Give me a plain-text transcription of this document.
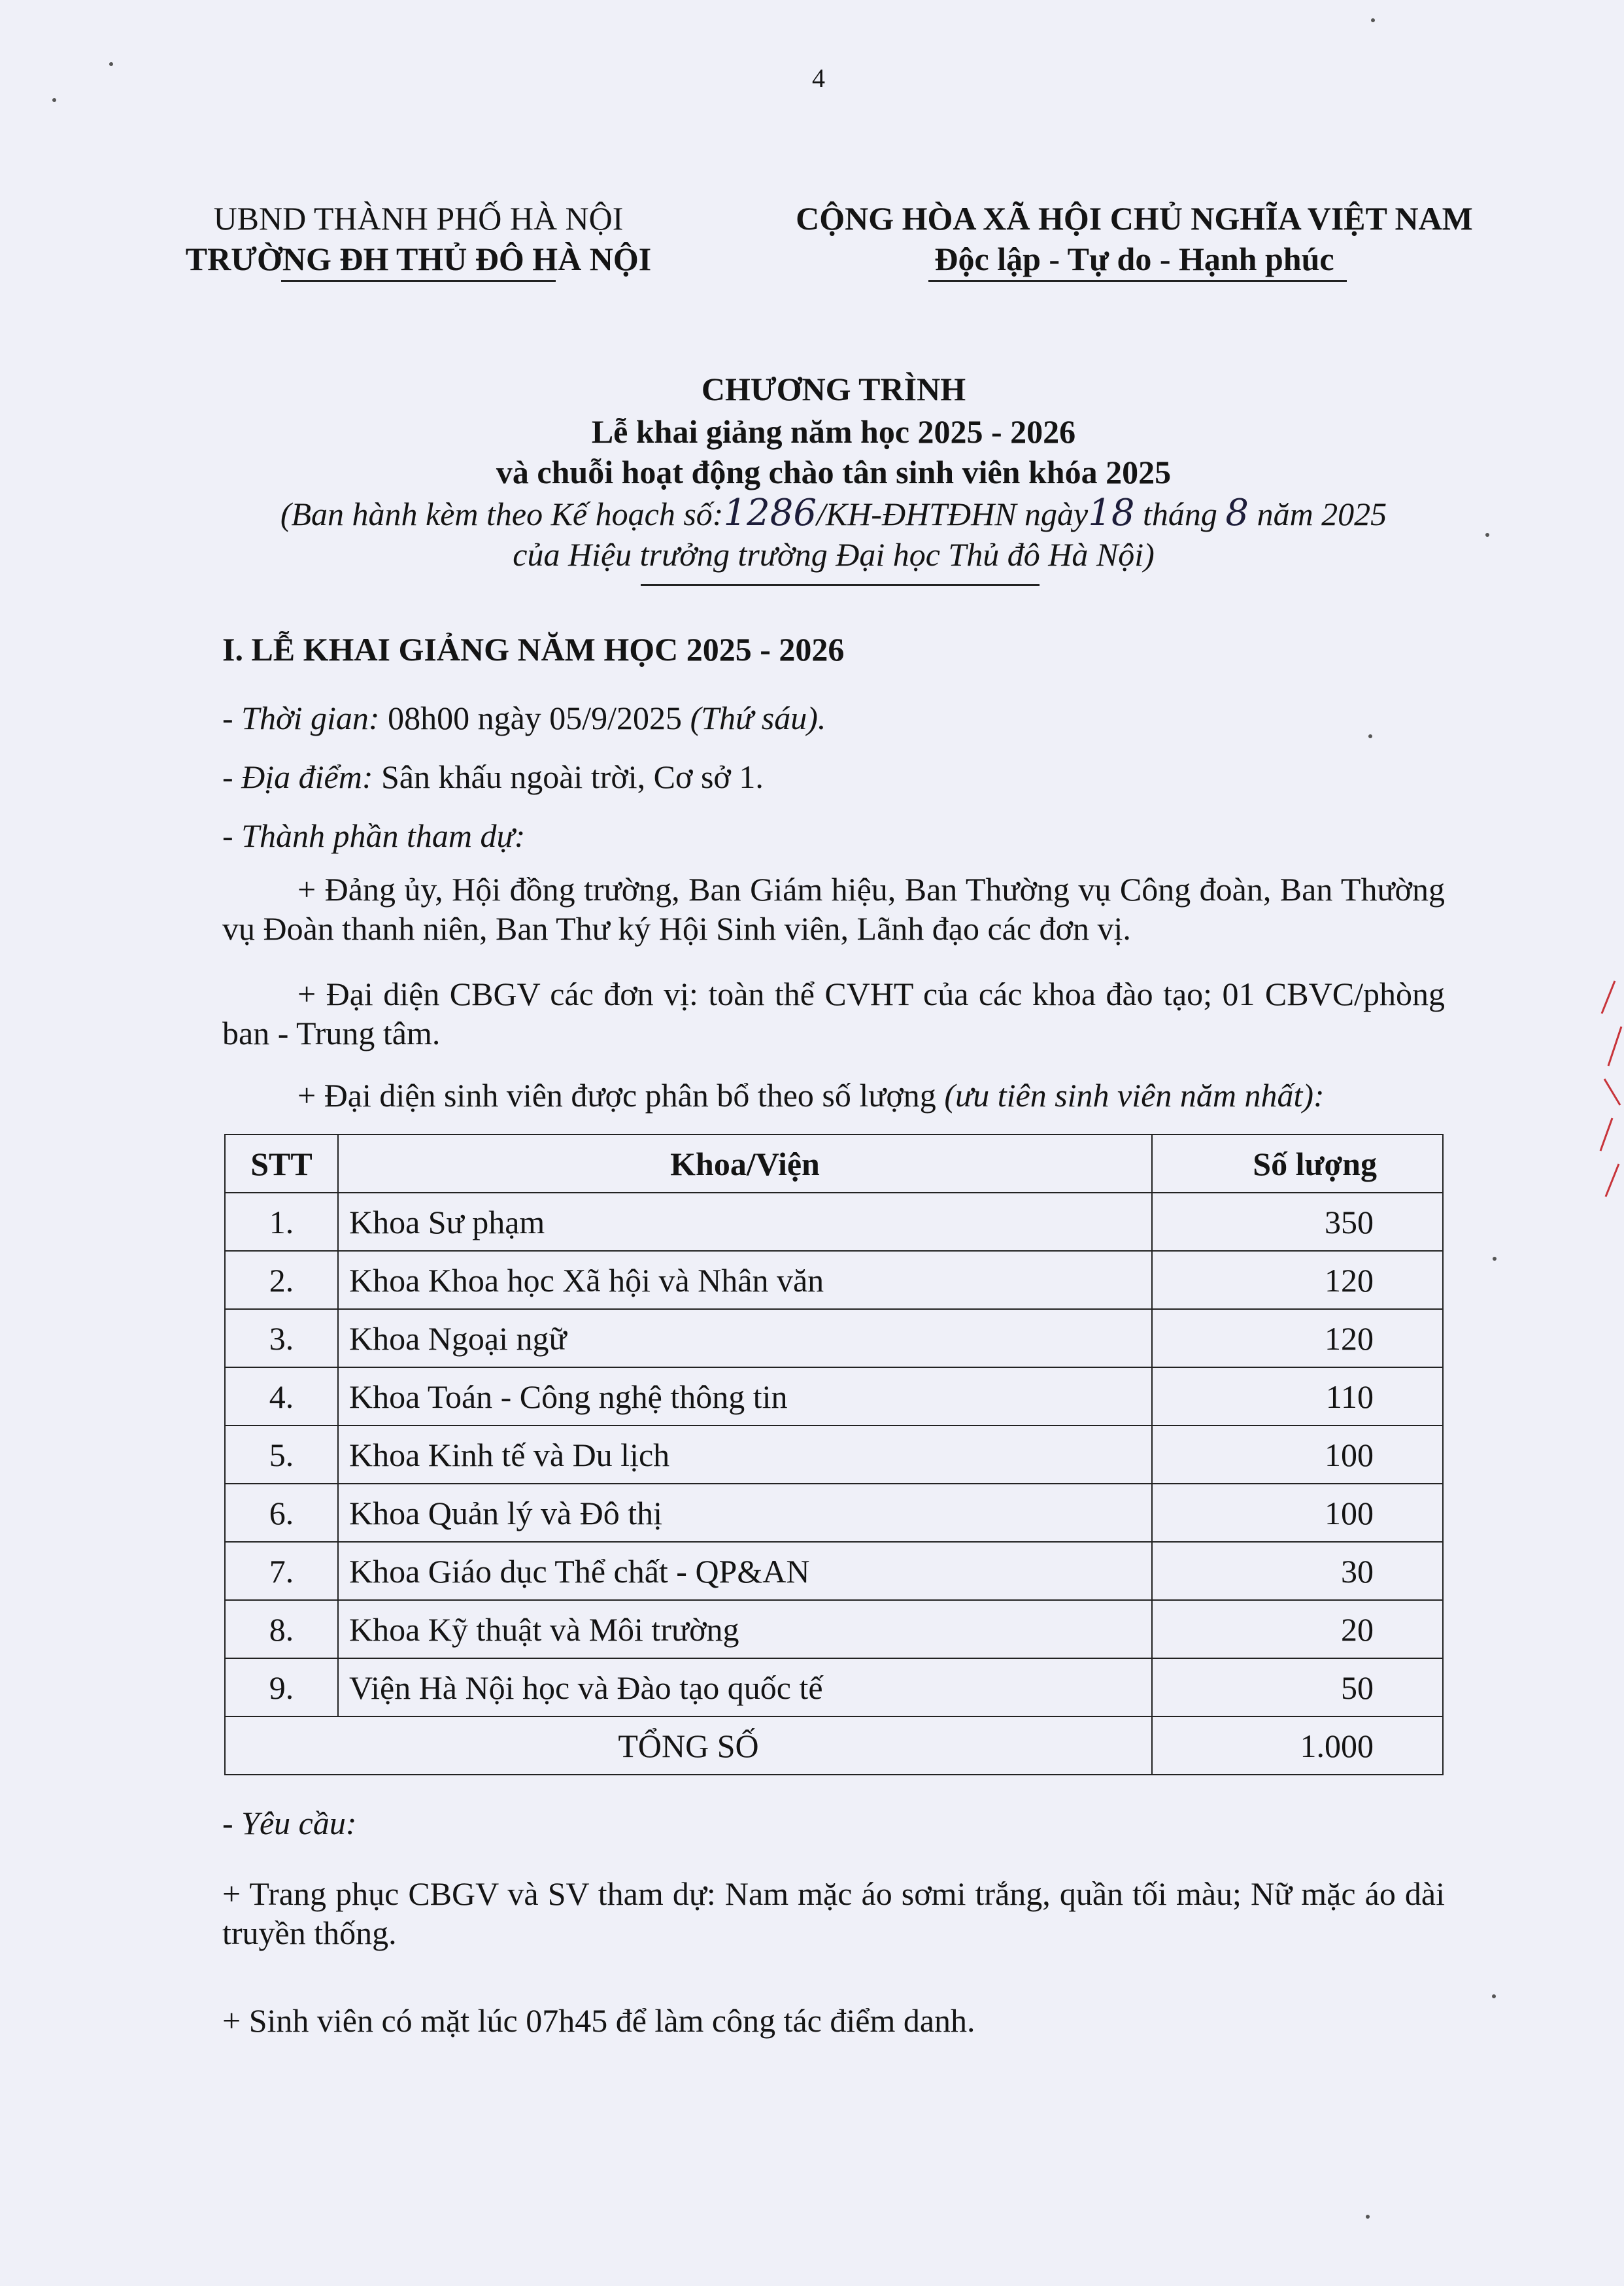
4
UBND THÀNH PHỐ HÀ NỘI
TRƯỜNG ĐH THỦ ĐÔ HÀ NỘI
CỘNG HÒA XÃ HỘI CHỦ NGHĨA VIỆT NAM
Độc lập - Tự do - Hạnh phúc
CHƯƠNG TRÌNH
Lễ khai giảng năm học 2025 - 2026
và chuỗi hoạt động chào tân sinh viên khóa 2025
(Ban hành kèm theo Kế hoạch số:1286/KH-ĐHTĐHN ngày18 tháng 8 năm 2025
của Hiệu trưởng trường Đại học Thủ đô Hà Nội)
I. LỄ KHAI GIẢNG NĂM HỌC 2025 - 2026
- Thời gian: 08h00 ngày 05/9/2025 (Thứ sáu).
- Địa điểm: Sân khấu ngoài trời, Cơ sở 1.
- Thành phần tham dự:
+ Đảng ủy, Hội đồng trường, Ban Giám hiệu, Ban Thường vụ Công đoàn, Ban Thường vụ Đoàn thanh niên, Ban Thư ký Hội Sinh viên, Lãnh đạo các đơn vị.
+ Đại diện CBGV các đơn vị: toàn thể CVHT của các khoa đào tạo; 01 CBVC/phòng ban - Trung tâm.
+ Đại diện sinh viên được phân bổ theo số lượng (ưu tiên sinh viên năm nhất):
STT	Khoa/Viện	Số lượng
1.	Khoa Sư phạm	350
2.	Khoa Khoa học Xã hội và Nhân văn	120
3.	Khoa Ngoại ngữ	120
4.	Khoa Toán - Công nghệ thông tin	110
5.	Khoa Kinh tế và Du lịch	100
6.	Khoa Quản lý và Đô thị	100
7.	Khoa Giáo dục Thể chất - QP&AN	30
8.	Khoa Kỹ thuật và Môi trường	20
9.	Viện Hà Nội học và Đào tạo quốc tế	50
TỔNG SỐ		1.000
- Yêu cầu:
+ Trang phục CBGV và SV tham dự: Nam mặc áo sơmi trắng, quần tối màu; Nữ mặc áo dài truyền thống.
+ Sinh viên có mặt lúc 07h45 để làm công tác điểm danh.
